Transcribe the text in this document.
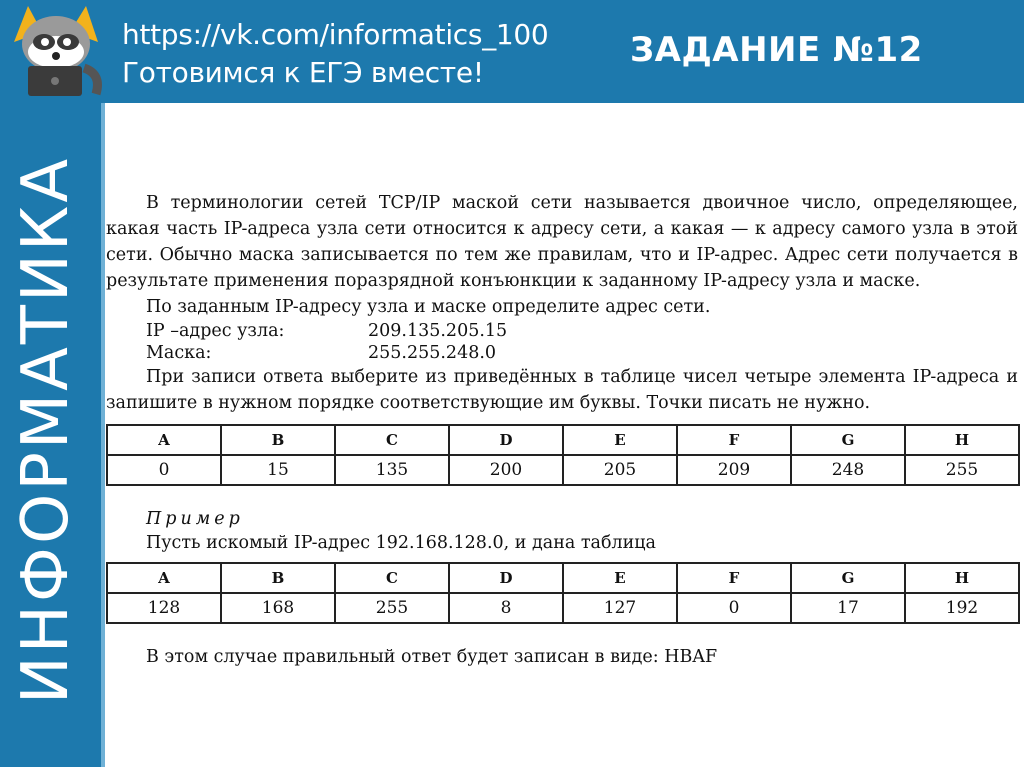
https://vk.com/informatics_100
Готовимся к ЕГЭ вместе!
ЗАДАНИЕ №12
ИНФОРМАТИКА	В терминологии сетей TCP/IP маской сети называется двоичное число, определяющее, какая часть IP-адреса узла сети относится к адресу сети, а какая — к адресу самого узла в этой сети. Обычно маска записывается по тем же правилам, что и IP-адрес. Адрес сети получается в результате применения поразрядной конъюнкции к заданному IP-адресу узла и маске.

По заданным IP-адресу узла и маске определите адрес сети.

IP –адрес узла:	209.135.205.15
Маска:	255.255.248.0

При записи ответа выберите из приведённых в таблице чисел четыре элемента IP-адреса и запишите в нужном порядке соответствующие им буквы. Точки писать не нужно.

A	B	C	D	E	F	G	H
0	15	135	200	205	209	248	255
Пример

Пусть искомый IP-адрес 192.168.128.0, и дана таблица

A	B	C	D	E	F	G	H
128	168	255	8	127	0	17	192

В этом случае правильный ответ будет записан в виде: HBAF
